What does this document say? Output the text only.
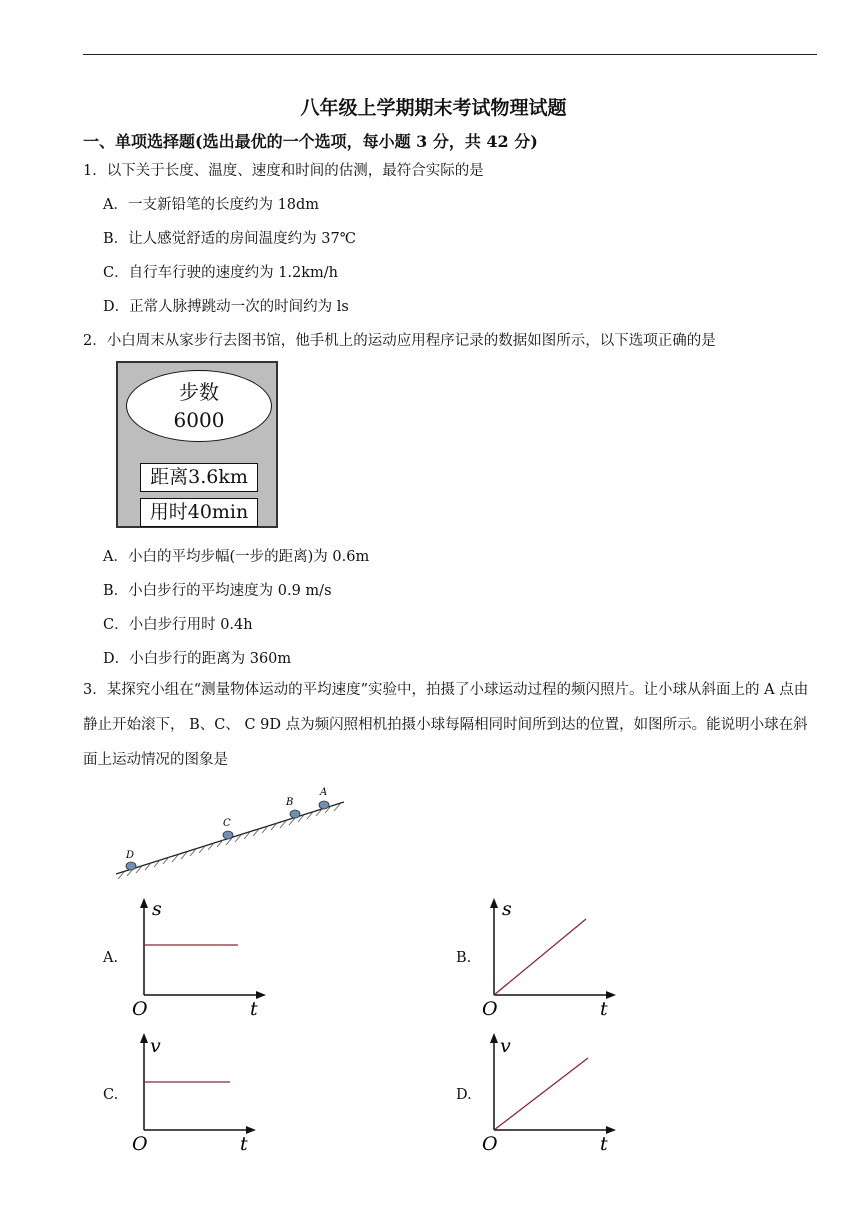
八年级上学期期末考试物理试题
一、单项选择题(选出最优的一个选项，每小题 3 分，共 42 分)
1．以下关于长度、温度、速度和时间的估测，最符合实际的是
A．一支新铅笔的长度约为 18dm
B．让人感觉舒适的房间温度约为 37℃
C．自行车行驶的速度约为 1.2km/h
D．正常人脉搏跳动一次的时间约为 ls
2．小白周末从家步行去图书馆，他手机上的运动应用程序记录的数据如图所示，以下选项正确的是
步数
6000
距离3.6km
用时40min
A．小白的平均步幅(一步的距离)为 0.6m
B．小白步行的平均速度为 0.9 m/s
C．小白步行用时 0.4h
D．小白步行的距离为 360m
3．某探究小组在“测量物体运动的平均速度”实验中，拍摄了小球运动过程的频闪照片。让小球从斜面上的 A 点由静止开始滚下， B、C、 C 9D 点为频闪照相机拍摄小球每隔相同时间所到达的位置，如图所示。能说明小球在斜面上运动情况的图象是
A
B
C
D
A.
s
O	t
B.
s
O	t
C.
v
O	t
D.
v
O	t
